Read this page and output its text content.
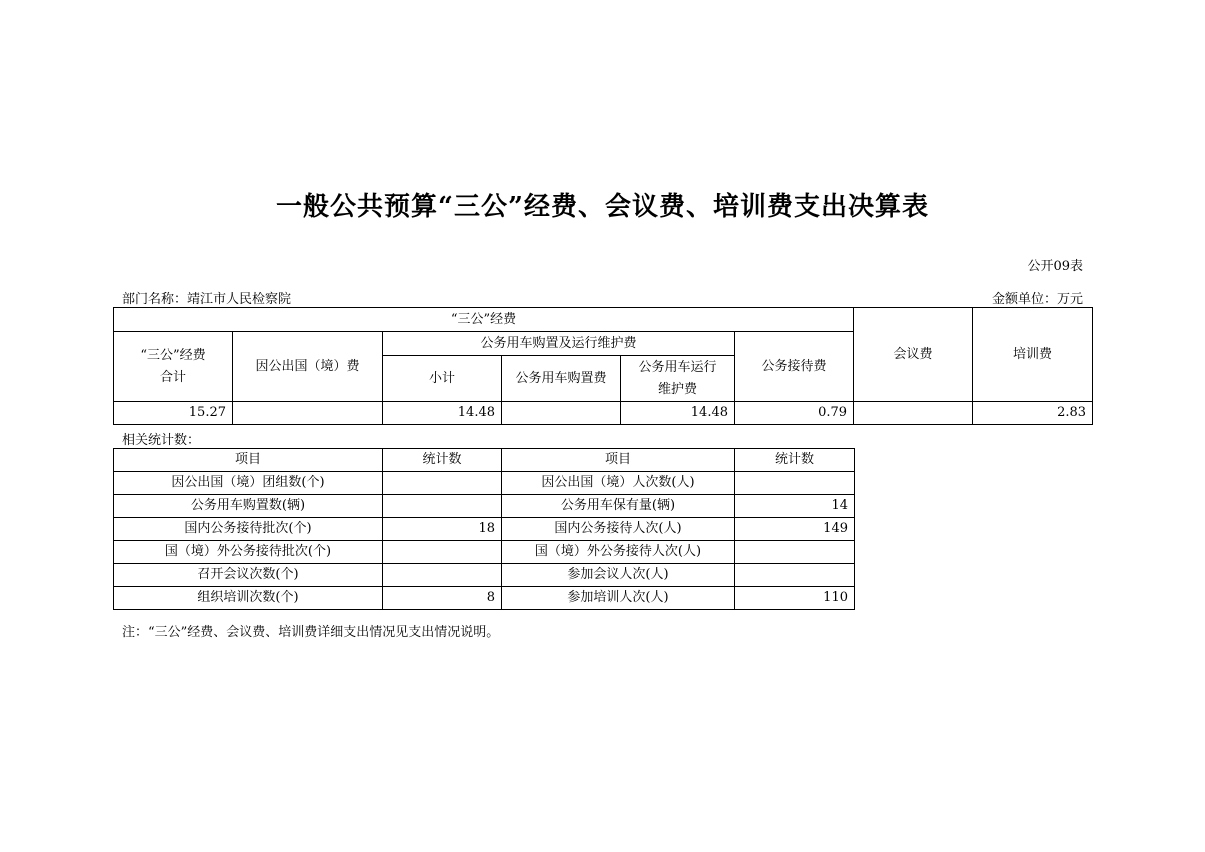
一般公共预算“三公”经费、会议费、培训费支出决算表
公开09表
部门名称：靖江市人民检察院	金额单位：万元
“三公”经费						会议费	培训费
“三公”经费合计	因公出国（境）费	公务用车购置及运行维护费			公务接待费		
		小计	公务用车购置费	公务用车运行维护费			
15.27		14.48		14.48	0.79		2.83
相关统计数：
项目	统计数	项目	统计数
因公出国（境）团组数(个)		因公出国（境）人次数(人)	
公务用车购置数(辆)		公务用车保有量(辆)	14
国内公务接待批次(个)	18	国内公务接待人次(人)	149
国（境）外公务接待批次(个)		国（境）外公务接待人次(人)	
召开会议次数(个)		参加会议人次(人)	
组织培训次数(个)	8	参加培训人次(人)	110
注：“三公”经费、会议费、培训费详细支出情况见支出情况说明。
